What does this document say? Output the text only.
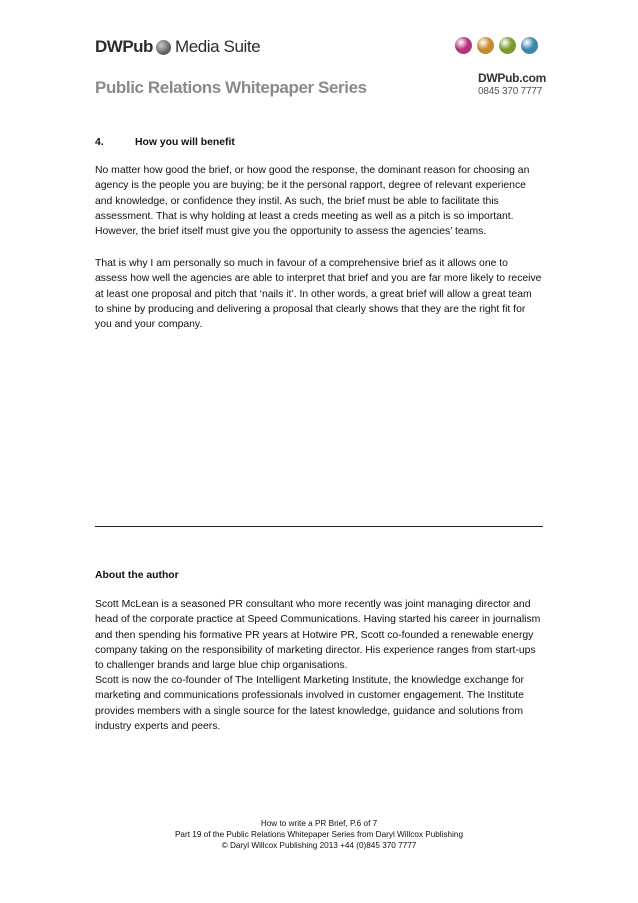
DWPub Media Suite
Public Relations Whitepaper Series	DWPub.com
0845 370 7777
4.	How you will benefit

No matter how good the brief, or how good the response, the dominant reason for choosing an agency is the people you are buying; be it the personal rapport, degree of relevant experience and knowledge, or confidence they instil. As such, the brief must be able to facilitate this assessment. That is why holding at least a creds meeting as well as a pitch is so important. However, the brief itself must give you the opportunity to assess the agencies’ teams.

That is why I am personally so much in favour of a comprehensive brief as it allows one to assess how well the agencies are able to interpret that brief and you are far more likely to receive at least one proposal and pitch that ‘nails it’. In other words, a great brief will allow a great team to shine by producing and delivering a proposal that clearly shows that they are the right fit for you and your company.

About the author

Scott McLean is a seasoned PR consultant who more recently was joint managing director and head of the corporate practice at Speed Communications. Having started his career in journalism and then spending his formative PR years at Hotwire PR, Scott co-founded a renewable energy company taking on the responsibility of marketing director. His experience ranges from start-ups to challenger brands and large blue chip organisations.

Scott is now the co-founder of The Intelligent Marketing Institute, the knowledge exchange for marketing and communications professionals involved in customer engagement. The Institute provides members with a single source for the latest knowledge, guidance and solutions from industry experts and peers.

How to write a PR Brief, P.6 of 7
Part 19 of the Public Relations Whitepaper Series from Daryl Willcox Publishing
© Daryl Willcox Publishing 2013 +44 (0)845 370 7777
